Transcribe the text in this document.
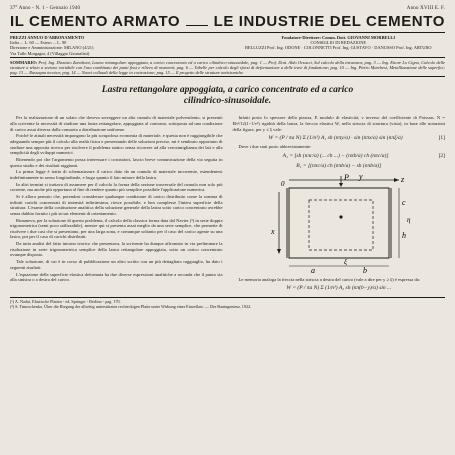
37° Anno - N. 1 - Gennaio 1940	Anno XVIII E. F.
IL CEMENTO ARMATO LE INDUSTRIE DEL CEMENTO
PREZZI ANNUO D'ABBONAMENTO
Italia ... L. 60 — Estero ... L. 90
Direzione e Amministrazione: MILANO (4/21)
Via Tullo Morgagni, 4 (Villaggio Giornalisti)
Fondatore-Direttore: Comm. Dott. GIOVANNI MORBELLI
CONSIGLIO DI REDAZIONE
BELLUZZI Prof. Ing. ODONE · COLONNETTI Prof. Ing. GUSTAVO · DANUSSO Prof. Ing. ARTURO
SOMMARIO: Prof. Ing. Dionisio Zanoboni, Lastra rettangolare appoggiata, a carico concentrato ed a carico cilindrico-sinusoidale; pag. 1 — Prof. Dott. Aldo Orsucci, Sul calcolo della travatura; pag. 3 — Ing. Ettore Lo Cigno, Calcolo delle strutture a telaio a sezione variabile con l'uso combinato dei punti fissi e rilievo di momenti; pag. 6 — Tabelle per calcolo degli sforzi di deformazione a delle travi di fondazione; pag. 10 — Ing. Pietro Marchesi, Metallizzazione delle superfici; pag. 13 — Rassegna tecnica; pag. 14 — Nuovi collaudi della legge in costruzione; pag. 15 — Il progetto delle strutture antisismiche.
Lastra rettangolare appoggiata, a carico concentrato ed a carico
cilindrico-sinusoidale.

Per la realizzazione di un solaio che doveva sorreggere un alto cumulo di materiale polverulento, si presentò alla scrivente la necessità di studiare una lastra rettangolare, appoggiata al contorno, sottoposta ad una condizione di carico assai diversa dalla consueta a distribuzione uniforme.

Poichè le attuali necessità impongono la più scrupolosa economia di materiale, e questa non è raggiungibile che adeguando sempre più il calcolo alla realtà fisica e presentando delle soluzioni precise, mi è sembrato opportuno di studiare una apposita ricerca per risolvere il problema statico senza ricorrere ad alla verosimiglianza dei lati e alla semplicità degli sviluppi numerici.

Ritenendo poi che l'argomento possa interessare i costruttori, lascio breve comunicazione della via seguita in questo studio e dei risultati raggiunti.

La prima legge è tratta di schematizzare il carico dato da un cumulo di materiale incoerente, estendentesi indefinitamente in senso longitudinale, e largo quanto il lato minore della lastra.

In altri termini si trattava di assumere per il calcolo la forma della sezione trasversale del cumulo non solo più corrente, ma anche più opportuna al fine di rendere quanto più semplice possibile l'applicazione numerica.

Si è allora pensato che, potendosi considerare qualunque condizione di carico distribuito come la somma di infiniti carichi concentrati di intensità infinitesima, riesce possibile, e ben complesse l'intera superficie della struttura. L'esame della costituzione analitica della soluzione generale della lastra sotto carico concentrato avrebbe senza dubbio fornito i più sicuri elementi di orientamento.

Rimaneva, per la soluzione di questo problema, il calcolo della classica forma data dal Navier (¹) in serie doppia trigonometrica (semi poco utilizzabile), mentre qui si presenta assai meglio da una serie semplice, che permette di risolvere i due casi che si presentano, per una larga zona, e comunque soltanto per il caso del carico agente su una lastra, poi per il caso di carichi distribuiti.

Da tutta analisi del fatto intorno teorico che presentava, la scrivente ha dunque affrontato in via preliminare la risoluzione in serie trigonometrica semplice della lastra rettangolare appoggiata, sotto un carico concentrato ovunque disposto.

Tale soluzione, di cui è in corso di pubblicazione un altro scritto con un più dettagliato ragguaglio, ha dato i seguenti risultati.

L'equazione della superficie elastica deformata ha due diverse espressioni analitiche a seconda che il punto sia alla sinistra o a destra del carico.

Infatti posto lo spessore della piastra, E modulo di elasticità, ν inverso del coefficiente di Poisson, N = Eh³/12(1−1/ν²) rigidità della lastra, la freccia elastica W, nella striscia di struttura (vista), in base alle notazioni della figura, per y ≤ ξ vale:

W = (P / πa N) Σ (1/n³) A₁ sh (nπy/a) · sin (nπx/a) sin (nπξ/a)	[1]

Dove i due stati posto abbreviatamente:

A₁ = [sh (nπc/a) (... ch ...) − (nπb/a) ch (nπc/a)]	[2]
B₁ = [(nπc/a) ch (nπb/a) − sh (nπb/a)]
z
P y
x
0
c
h
η
a	b
ξ

Le memoria analoga la freccia nella striscia a destra del carico (vale a dire per y ≥ ξ) è espressa da:

W = (P / πa N) Σ (1/n³) A₂ sh (nπ(b−y)/a) sin ...
(¹) A. Nadai, Elastische Platten - ed. Springer - Berlino - pag. 170.
(²) S. Timoschenko, Über die Biegung der allseitig unterstützten rechteckigen Platte unter Wirkung einer Einzellast. — Der Bauingenieur, 1922.
